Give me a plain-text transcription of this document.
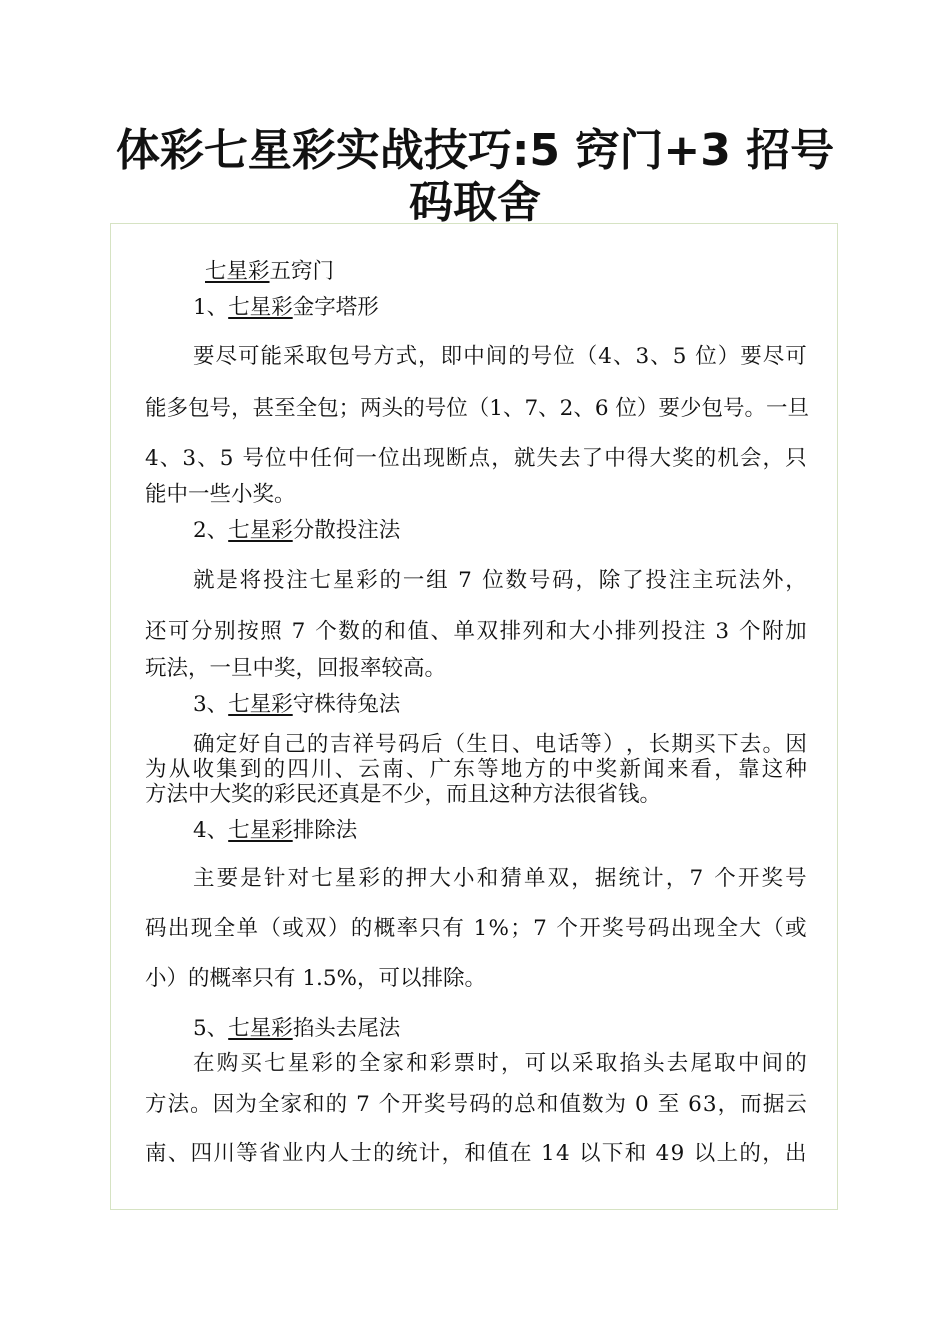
体彩七星彩实战技巧:5 窍门+3 招号
码取舍
七星彩五窍门
1、七星彩金字塔形
要 尽 可 能 采 取 包 号 方 式 ， 即 中 间 的 号 位 （ 4 、 3 、 5
位 ） 要 尽 可
能 多 包 号 ， 甚 至 全 包 ； 两 头 的 号 位 （ 1 、 7 、 2 、 6
位 ） 要 少 包 号 。 一 旦
4 、 3 、 5
号 位 中 任 何 一 位 出 现 断 点 ， 就 失 去 了 中 得 大 奖 的 机 会 ， 只
能中一些小奖。
2、七星彩分散投注法
就 是 将 投 注 七 星 彩 的 一 组
7
位 数 号 码 ， 除 了 投 注 主 玩 法 外 ，
还 可 分 别 按 照
7
个 数 的 和 值 、 单 双 排 列 和 大 小 排 列 投 注
3
个 附 加
玩法，一旦中奖，回报率较高。
3、七星彩守株待兔法
确 定 好 自 己 的 吉 祥 号 码 后 （ 生 日 、 电 话 等 ） ， 长 期 买 下 去 。 因
为 从 收 集 到 的 四 川 、 云 南 、 广 东 等 地 方 的 中 奖 新 闻 来 看 ， 靠 这 种
方法中大奖的彩民还真是不少，而且这种方法很省钱。
4、七星彩排除法
主 要 是 针 对 七 星 彩 的 押 大 小 和 猜 单 双 ， 据 统 计 ， 7
个 开 奖 号
码 出 现 全 单 （ 或 双 ） 的 概 率 只 有
1 % ； 7
个 开 奖 号 码 出 现 全 大 （ 或
小）的概率只有 1.5%，可以排除。
5、七星彩掐头去尾法
在 购 买 七 星 彩 的 全 家 和 彩 票 时 ， 可 以 采 取 掐 头 去 尾 取 中 间 的
方 法 。 因 为 全 家 和 的
7
个 开 奖 号 码 的 总 和 值 数 为
0
至
6 3 ， 而 据 云
南 、 四 川 等 省 业 内 人 士 的 统 计 ， 和 值 在
1 4
以 下 和
4 9
以 上 的 ， 出
